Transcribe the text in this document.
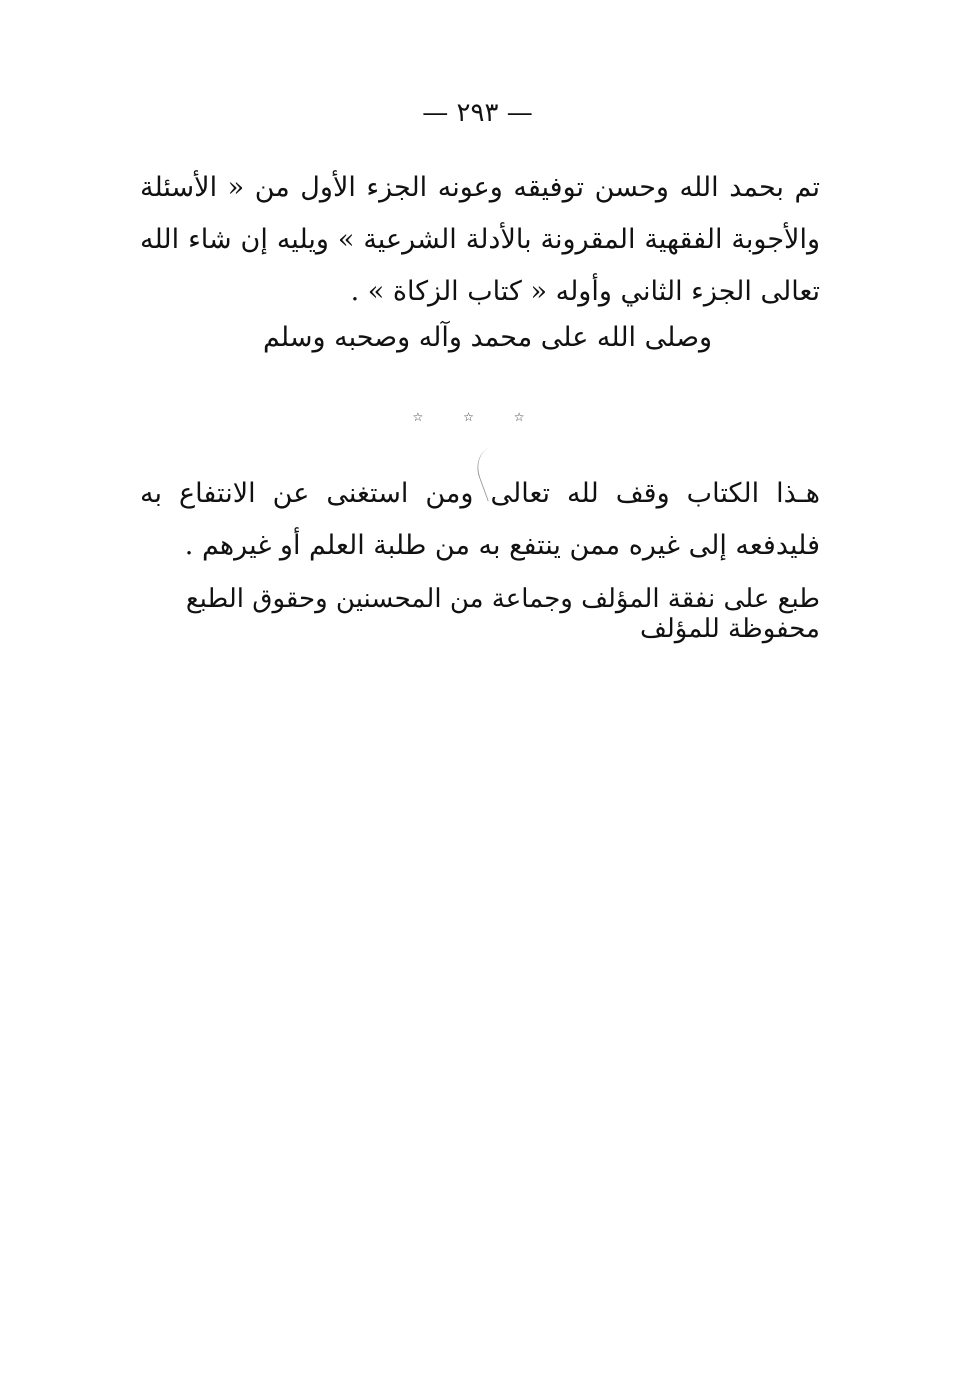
— ٢٩٣ —
تم بحمد الله وحسن توفيقه وعونه الجزء الأول من « الأسئلة والأجوبة الفقهية المقرونة بالأدلة الشرعية » ويليه إن شاء الله تعالى الجزء الثاني وأوله « كتاب الزكاة » .
وصلى الله على محمد وآله وصحبه وسلم
☆ ☆ ☆
هـذا الكتاب وقف لله تعالى ومن استغنى عن الانتفاع به فليدفعه إلى غيره ممن ينتفع به من طلبة العلم أو غيرهم .
طبع على نفقة المؤلف وجماعة من المحسنين وحقوق الطبع محفوظة للمؤلف
